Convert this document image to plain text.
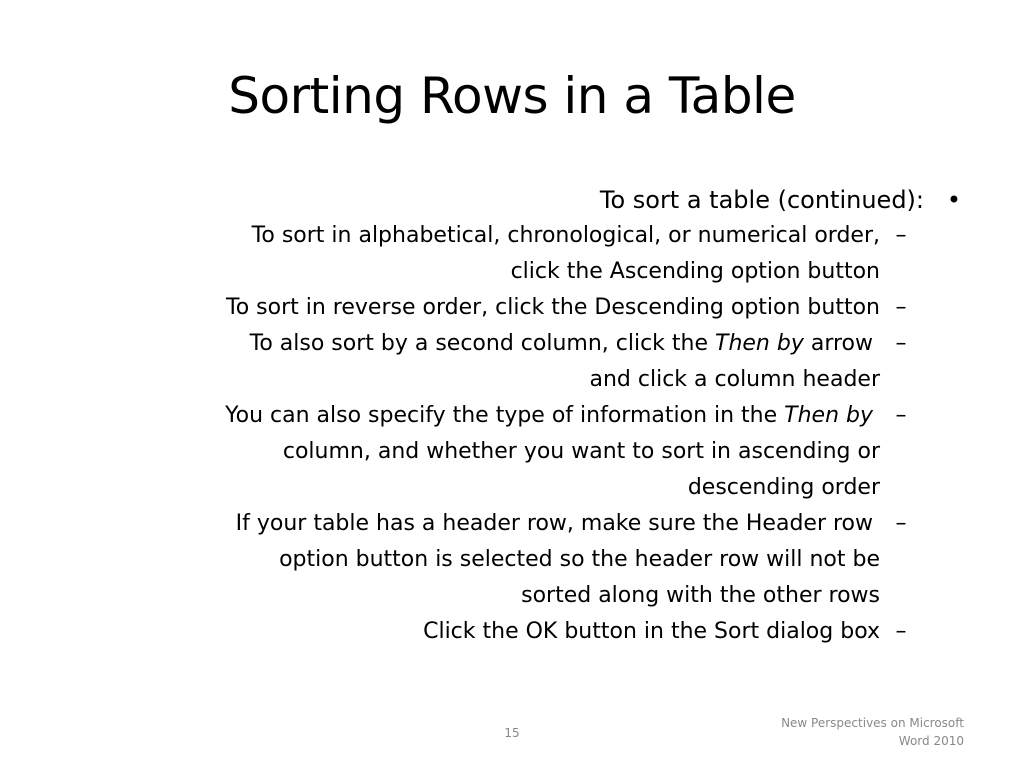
Sorting Rows in a Table
To sort a table (continued): •
To sort in alphabetical, chronological, or numerical order,
click the Ascending option button
–
To sort in reverse order, click the Descending option button –
To also sort by a second column, click the Then by arrow
and click a column header
–
You can also specify the type of information in the Then by
column, and whether you want to sort in ascending or
descending order
–
If your table has a header row, make sure the Header row
option button is selected so the header row will not be
sorted along with the other rows
–
Click the OK button in the Sort dialog box –
15
New Perspectives on Microsoft
Word 2010
